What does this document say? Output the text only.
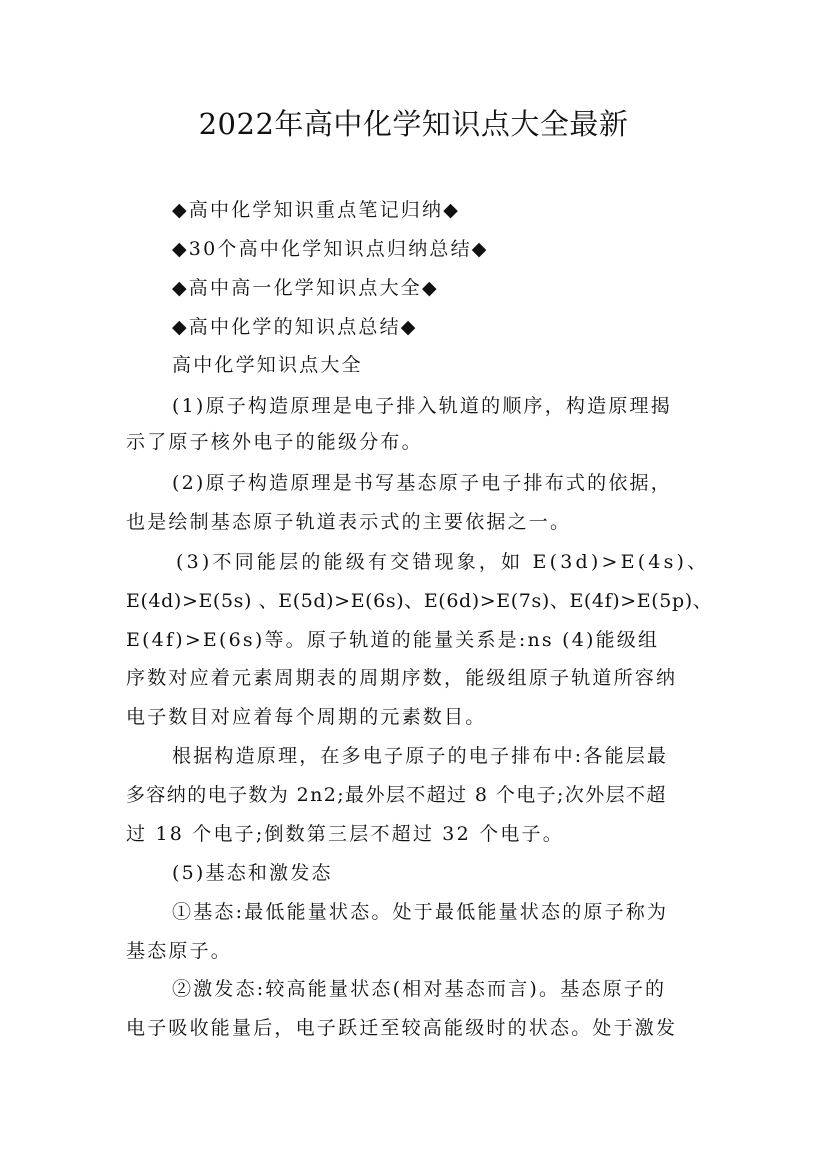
2022年高中化学知识点大全最新
◆高中化学知识重点笔记归纳◆
◆30个高中化学知识点归纳总结◆
◆高中高一化学知识点大全◆
◆高中化学的知识点总结◆
高中化学知识点大全
(1)原子构造原理是电子排入轨道的顺序，构造原理揭
示了原子核外电子的能级分布。
(2)原子构造原理是书写基态原子电子排布式的依据，
也是绘制基态原子轨道表示式的主要依据之一。
(3)不同能层的能级有交错现象，如 E(3d)>E(4s)、
E(4d)>E(5s) 、E(5d)>E(6s)、E(6d)>E(7s)、E(4f)>E(5p)、
E(4f)>E(6s)等。原子轨道的能量关系是:ns (4)能级组
序数对应着元素周期表的周期序数，能级组原子轨道所容纳
电子数目对应着每个周期的元素数目。
根据构造原理，在多电子原子的电子排布中:各能层最
多容纳的电子数为 2n2;最外层不超过 8 个电子;次外层不超
过 18 个电子;倒数第三层不超过 32 个电子。
(5)基态和激发态
①基态:最低能量状态。处于最低能量状态的原子称为
基态原子。
②激发态:较高能量状态(相对基态而言)。基态原子的
电子吸收能量后，电子跃迁至较高能级时的状态。处于激发
